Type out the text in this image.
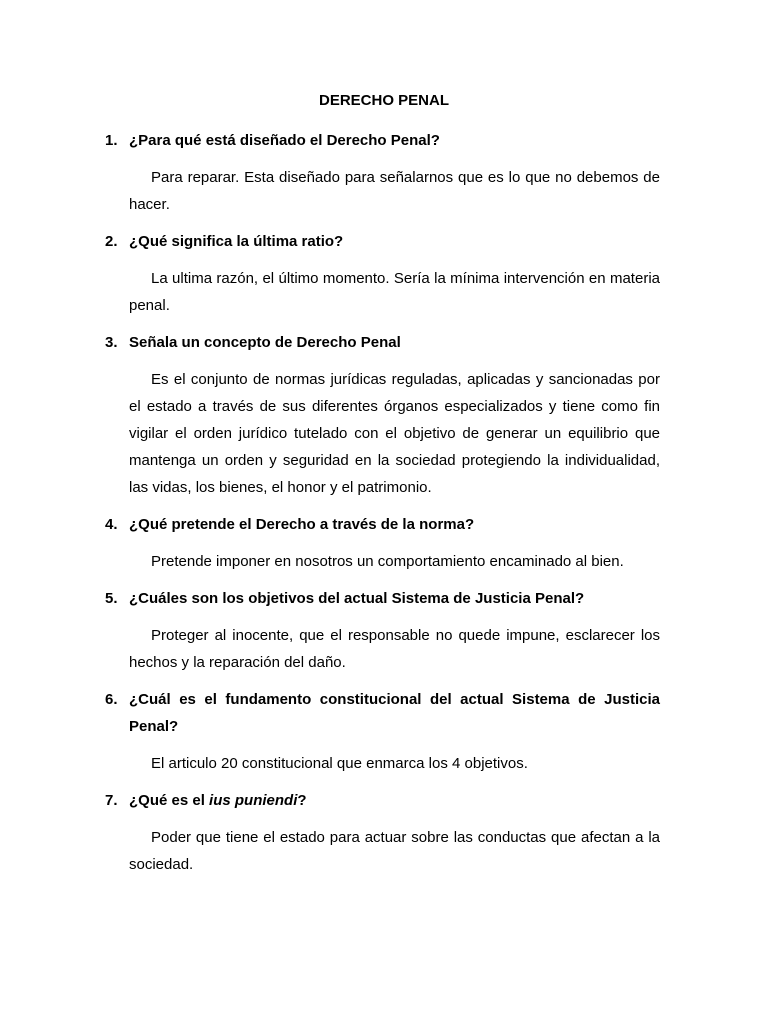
DERECHO PENAL
1. ¿Para qué está diseñado el Derecho Penal?

Para reparar. Esta diseñado para señalarnos que es lo que no debemos de hacer.

2. ¿Qué significa la última ratio?

La ultima razón, el último momento. Sería la mínima intervención en materia penal.

3. Señala un concepto de Derecho Penal

Es el conjunto de normas jurídicas reguladas, aplicadas y sancionadas por el estado a través de sus diferentes órganos especializados y tiene como fin vigilar el orden jurídico tutelado con el objetivo de generar un equilibrio que mantenga un orden y seguridad en la sociedad protegiendo la individualidad, las vidas, los bienes, el honor y el patrimonio.

4. ¿Qué pretende el Derecho a través de la norma?

Pretende imponer en nosotros un comportamiento encaminado al bien.

5. ¿Cuáles son los objetivos del actual Sistema de Justicia Penal?

Proteger al inocente, que el responsable no quede impune, esclarecer los hechos y la reparación del daño.

6. ¿Cuál es el fundamento constitucional del actual Sistema de Justicia Penal?

El articulo 20 constitucional que enmarca los 4 objetivos.

7. ¿Qué es el ius puniendi?

Poder que tiene el estado para actuar sobre las conductas que afectan a la sociedad.
